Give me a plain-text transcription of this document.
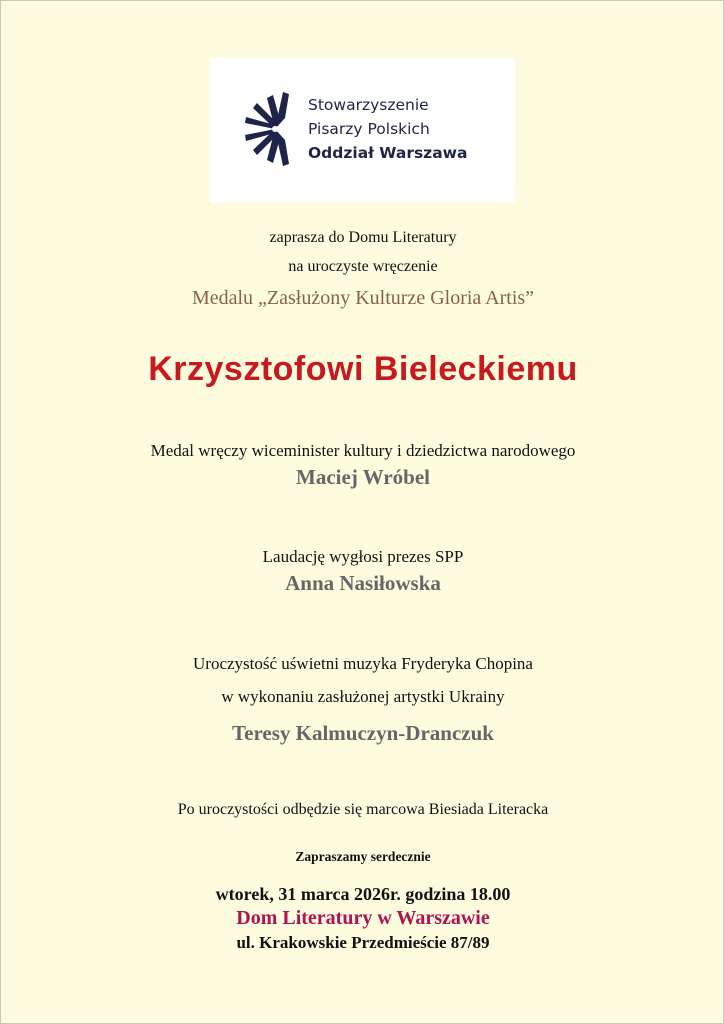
Stowarzyszenie
Pisarzy Polskich
Oddział Warszawa
zaprasza do Domu Literatury
na uroczyste wręczenie
Medalu „Zasłużony Kulturze Gloria Artis”
Krzysztofowi Bieleckiemu
Medal wręczy wiceminister kultury i dziedzictwa narodowego
Maciej Wróbel
Laudację wygłosi prezes SPP
Anna Nasiłowska
Uroczystość uświetni muzyka Fryderyka Chopina
w wykonaniu zasłużonej artystki Ukrainy
Teresy Kalmuczyn-Dranczuk
Po uroczystości odbędzie się marcowa Biesiada Literacka
Zapraszamy serdecznie
wtorek, 31 marca 2026r. godzina 18.00
Dom Literatury w Warszawie
ul. Krakowskie Przedmieście 87/89
